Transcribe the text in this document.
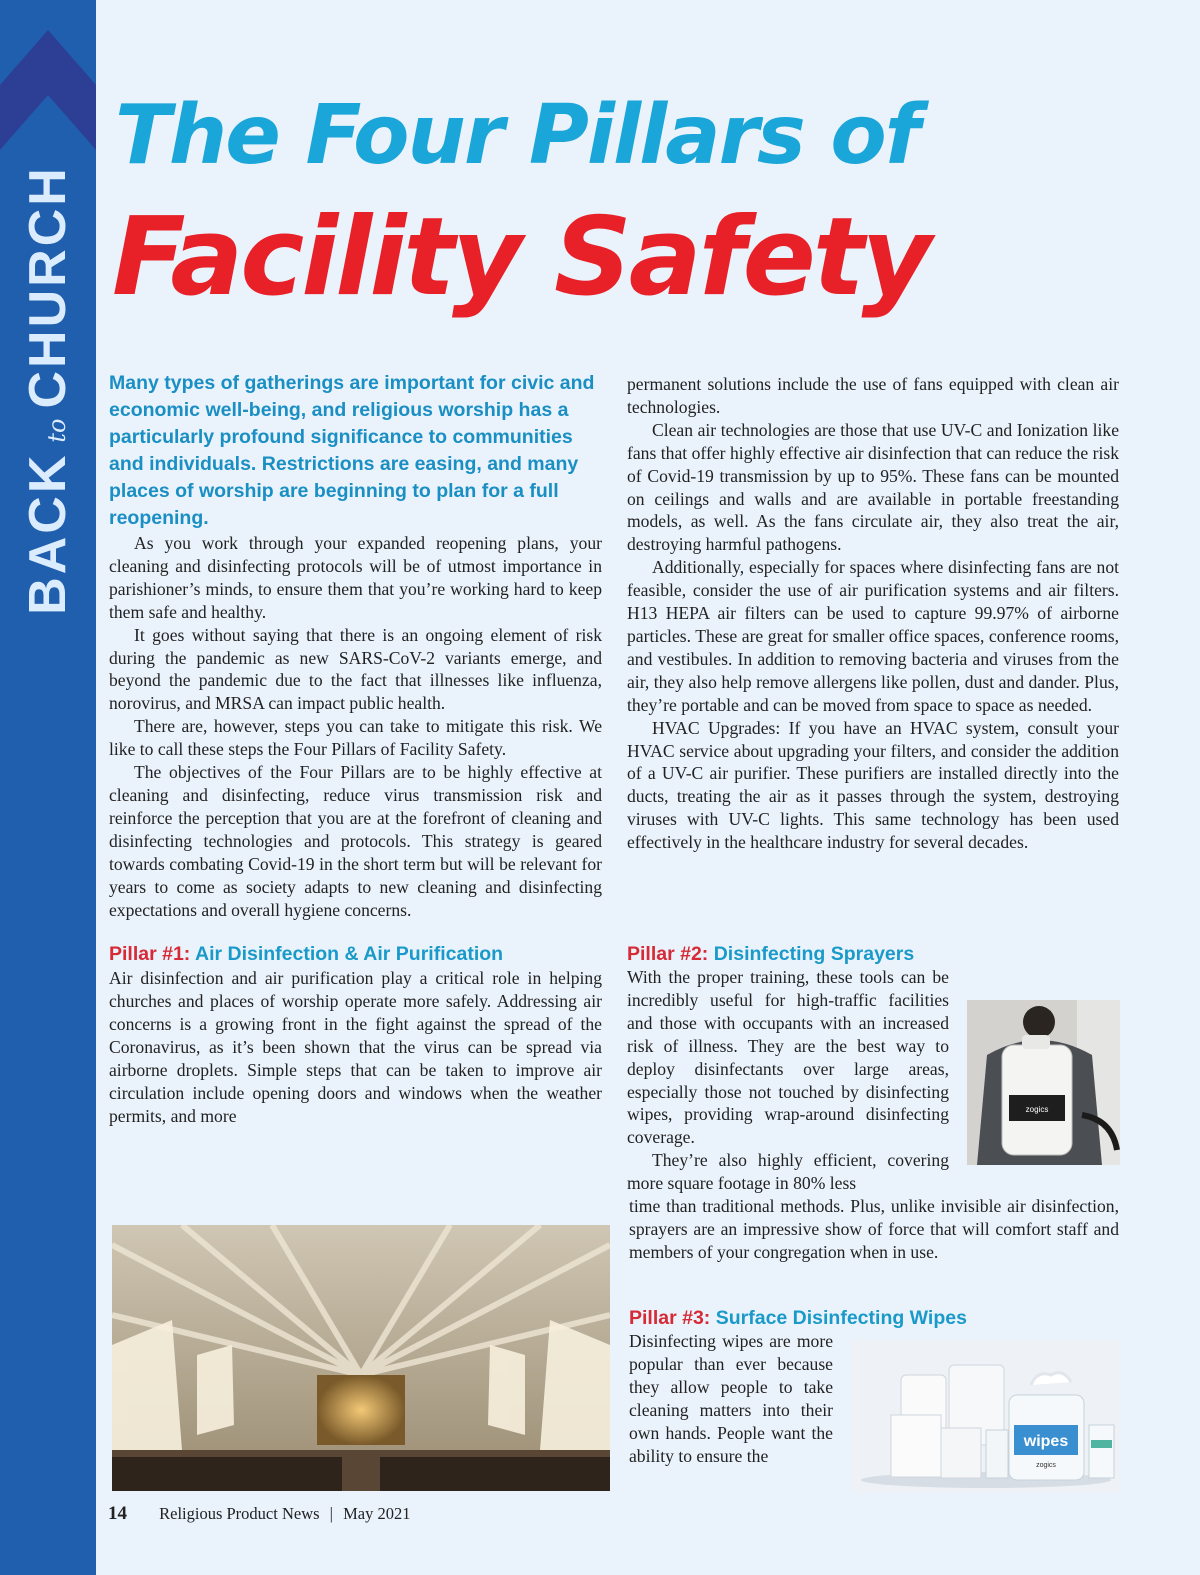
BACKtoCHURCH
The Four Pillars of
Facility Safety

Many types of gatherings are important for civic and economic well-being, and religious worship has a particularly profound significance to communities and individuals. Restrictions are easing, and many places of worship are beginning to plan for a full reopening.

As you work through your expanded reopening plans, your cleaning and disinfecting protocols will be of utmost importance in parishioner’s minds, to ensure them that you’re working hard to keep them safe and healthy.

It goes without saying that there is an ongoing element of risk during the pandemic as new SARS-CoV-2 variants emerge, and beyond the pandemic due to the fact that illnesses like influenza, norovirus, and MRSA can impact public health.

There are, however, steps you can take to mitigate this risk. We like to call these steps the Four Pillars of Facility Safety.

The objectives of the Four Pillars are to be highly effective at cleaning and disinfecting, reduce virus transmission risk and reinforce the perception that you are at the forefront of cleaning and disinfecting technologies and protocols. This strategy is geared towards combating Covid-19 in the short term but will be relevant for years to come as society adapts to new cleaning and disinfecting expectations and overall hygiene concerns.

Pillar #1: Air Disinfection & Air Purification

Air disinfection and air purification play a critical role in helping churches and places of worship operate more safely. Addressing air concerns is a growing front in the fight against the spread of the Coronavirus, as it’s been shown that the virus can be spread via airborne droplets. Simple steps that can be taken to improve air circulation include opening doors and windows when the weather permits, and more

permanent solutions include the use of fans equipped with clean air technologies.

Clean air technologies are those that use UV-C and Ionization like fans that offer highly effective air disinfection that can reduce the risk of Covid-19 transmission by up to 95%. These fans can be mounted on ceilings and walls and are available in portable freestanding models, as well. As the fans circulate air, they also treat the air, destroying harmful pathogens.

Additionally, especially for spaces where disinfecting fans are not feasible, consider the use of air purification systems and air filters. H13 HEPA air filters can be used to capture 99.97% of airborne particles. These are great for smaller office spaces, conference rooms, and vestibules. In addition to removing bacteria and viruses from the air, they also help remove allergens like pollen, dust and dander. Plus, they’re portable and can be moved from space to space as needed.

HVAC Upgrades: If you have an HVAC system, consult your HVAC service about upgrading your filters, and consider the addition of a UV-C air purifier. These purifiers are installed directly into the ducts, treating the air as it passes through the system, destroying viruses with UV-C lights. This same technology has been used effectively in the healthcare industry for several decades.

Pillar #2: Disinfecting Sprayers

With the proper training, these tools can be incredibly useful for high-traffic facilities and those with occupants with an increased risk of illness. They are the best way to deploy disinfectants over large areas, especially those not touched by disinfecting wipes, providing wrap-around disinfecting coverage.

They’re also highly efficient, covering more square footage in 80% less

zogics

time than traditional methods. Plus, unlike invisible air disinfection, sprayers are an impressive show of force that will comfort staff and members of your congregation when in use.

Pillar #3: Surface Disinfecting Wipes

Disinfecting wipes are more popular than ever because they allow people to take cleaning matters into their own hands. People want the ability to ensure the

wipes
zogics
14 Religious Product News | May 2021
